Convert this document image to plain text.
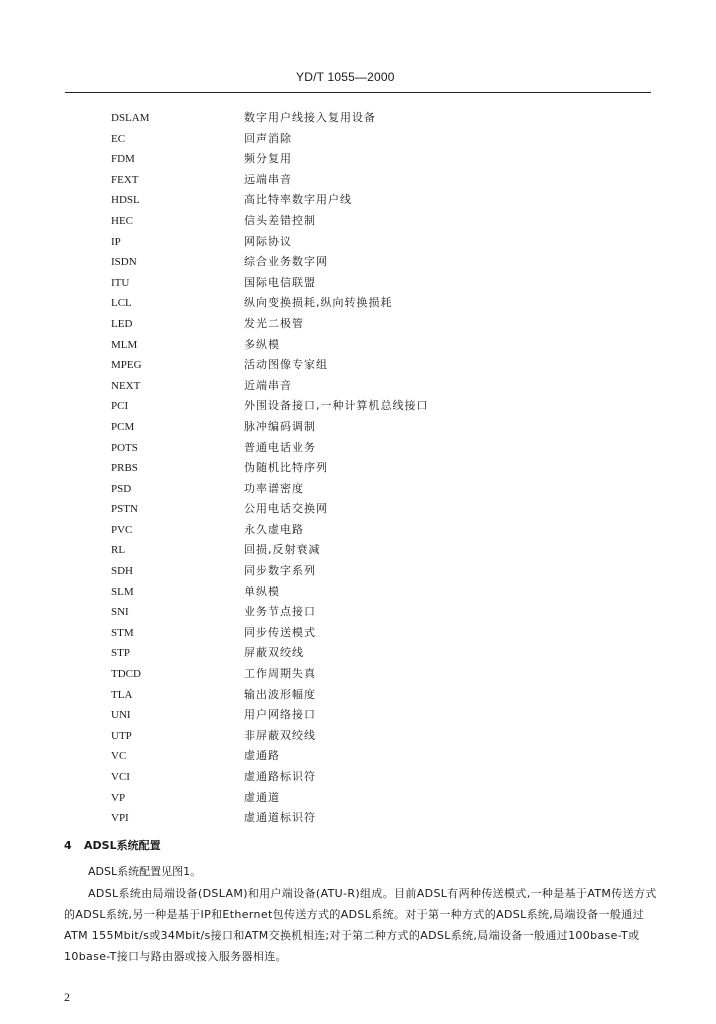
YD/T 1055—2000
DSLAM	数字用户线接入复用设备
EC	回声消除
FDM	频分复用
FEXT	远端串音
HDSL	高比特率数字用户线
HEC	信头差错控制
IP	网际协议
ISDN	综合业务数字网
ITU	国际电信联盟
LCL	纵向变换损耗,纵向转换损耗
LED	发光二极管
MLM	多纵模
MPEG	活动图像专家组
NEXT	近端串音
PCI	外围设备接口,一种计算机总线接口
PCM	脉冲编码调制
POTS	普通电话业务
PRBS	伪随机比特序列
PSD	功率谱密度
PSTN	公用电话交换网
PVC	永久虚电路
RL	回损,反射衰减
SDH	同步数字系列
SLM	单纵模
SNI	业务节点接口
STM	同步传送模式
STP	屏蔽双绞线
TDCD	工作周期失真
TLA	输出波形幅度
UNI	用户网络接口
UTP	非屏蔽双绞线
VC	虚通路
VCI	虚通路标识符
VP	虚通道
VPI	虚通道标识符
4 ADSL系统配置
ADSL系统配置见图1。
ADSL系统由局端设备(DSLAM)和用户端设备(ATU-R)组成。目前ADSL有两种传送模式,一种是基于ATM传送方式的ADSL系统,另一种是基于IP和Ethernet包传送方式的ADSL系统。对于第一种方式的ADSL系统,局端设备一般通过ATM 155Mbit/s或34Mbit/s接口和ATM交换机相连;对于第二种方式的ADSL系统,局端设备一般通过100base-T或10base-T接口与路由器或接入服务器相连。
2
